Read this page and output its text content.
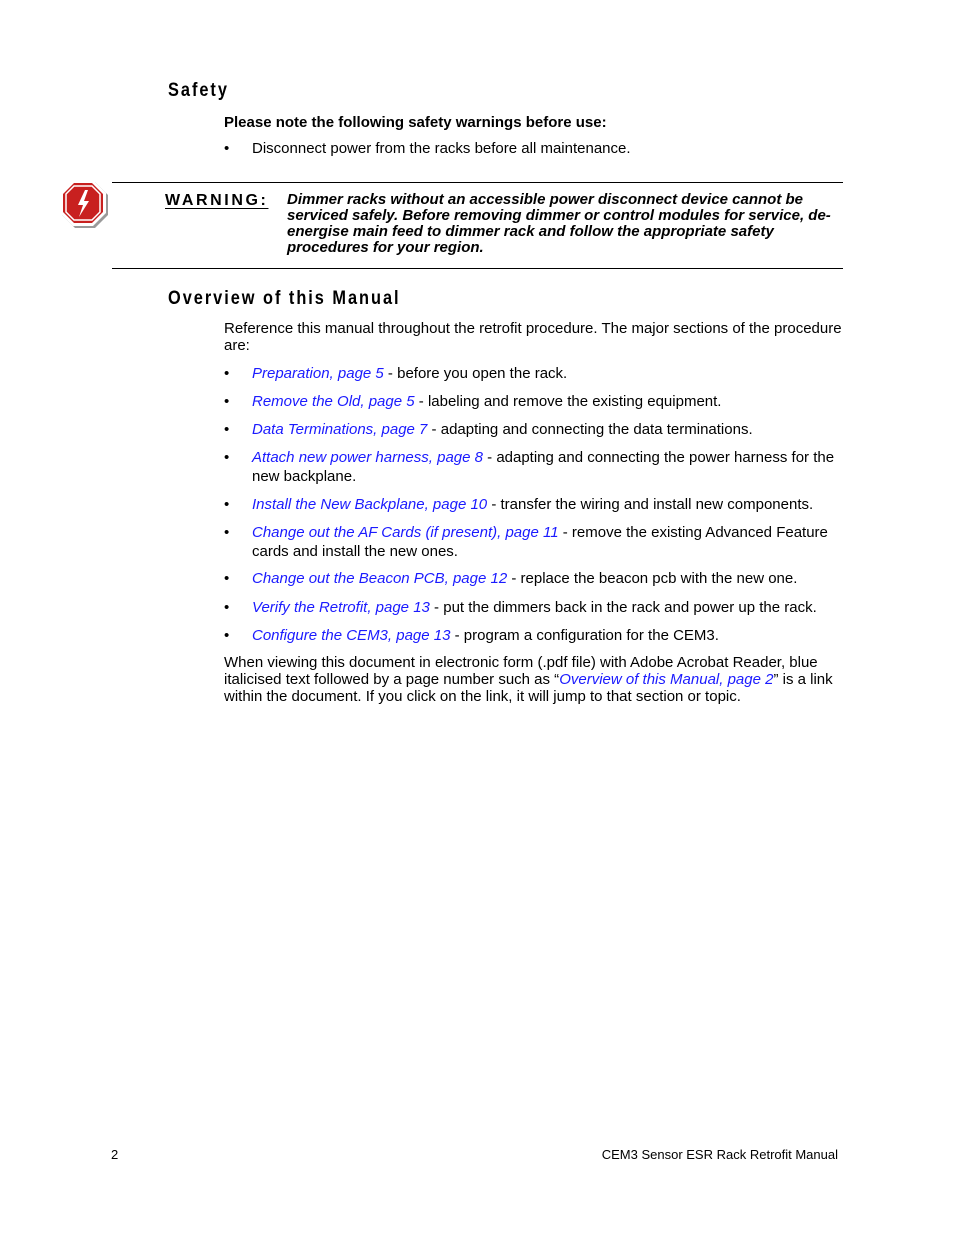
Safety
Please note the following safety warnings before use:
•	Disconnect power from the racks before all maintenance.
WARNING: Dimmer racks without an accessible power disconnect device cannot be serviced safely. Before removing dimmer or control modules for service, de-energise main feed to dimmer rack and follow the appropriate safety procedures for your region.
Overview of this Manual
Reference this manual throughout the retrofit procedure. The major sections of the procedure are:
•	Preparation, page 5 - before you open the rack.
•	Remove the Old, page 5 - labeling and remove the existing equipment.
•	Data Terminations, page 7 - adapting and connecting the data terminations.
•	Attach new power harness, page 8 - adapting and connecting the power harness for the new backplane.
•	Install the New Backplane, page 10 - transfer the wiring and install new components.
•	Change out the AF Cards (if present), page 11 - remove the existing Advanced Feature cards and install the new ones.
•	Change out the Beacon PCB, page 12 - replace the beacon pcb with the new one.
•	Verify the Retrofit, page 13 - put the dimmers back in the rack and power up the rack.
•	Configure the CEM3, page 13 - program a configuration for the CEM3.
When viewing this document in electronic form (.pdf file) with Adobe Acrobat Reader, blue italicised text followed by a page number such as “Overview of this Manual, page 2” is a link within the document. If you click on the link, it will jump to that section or topic.
2	CEM3 Sensor ESR Rack Retrofit Manual
